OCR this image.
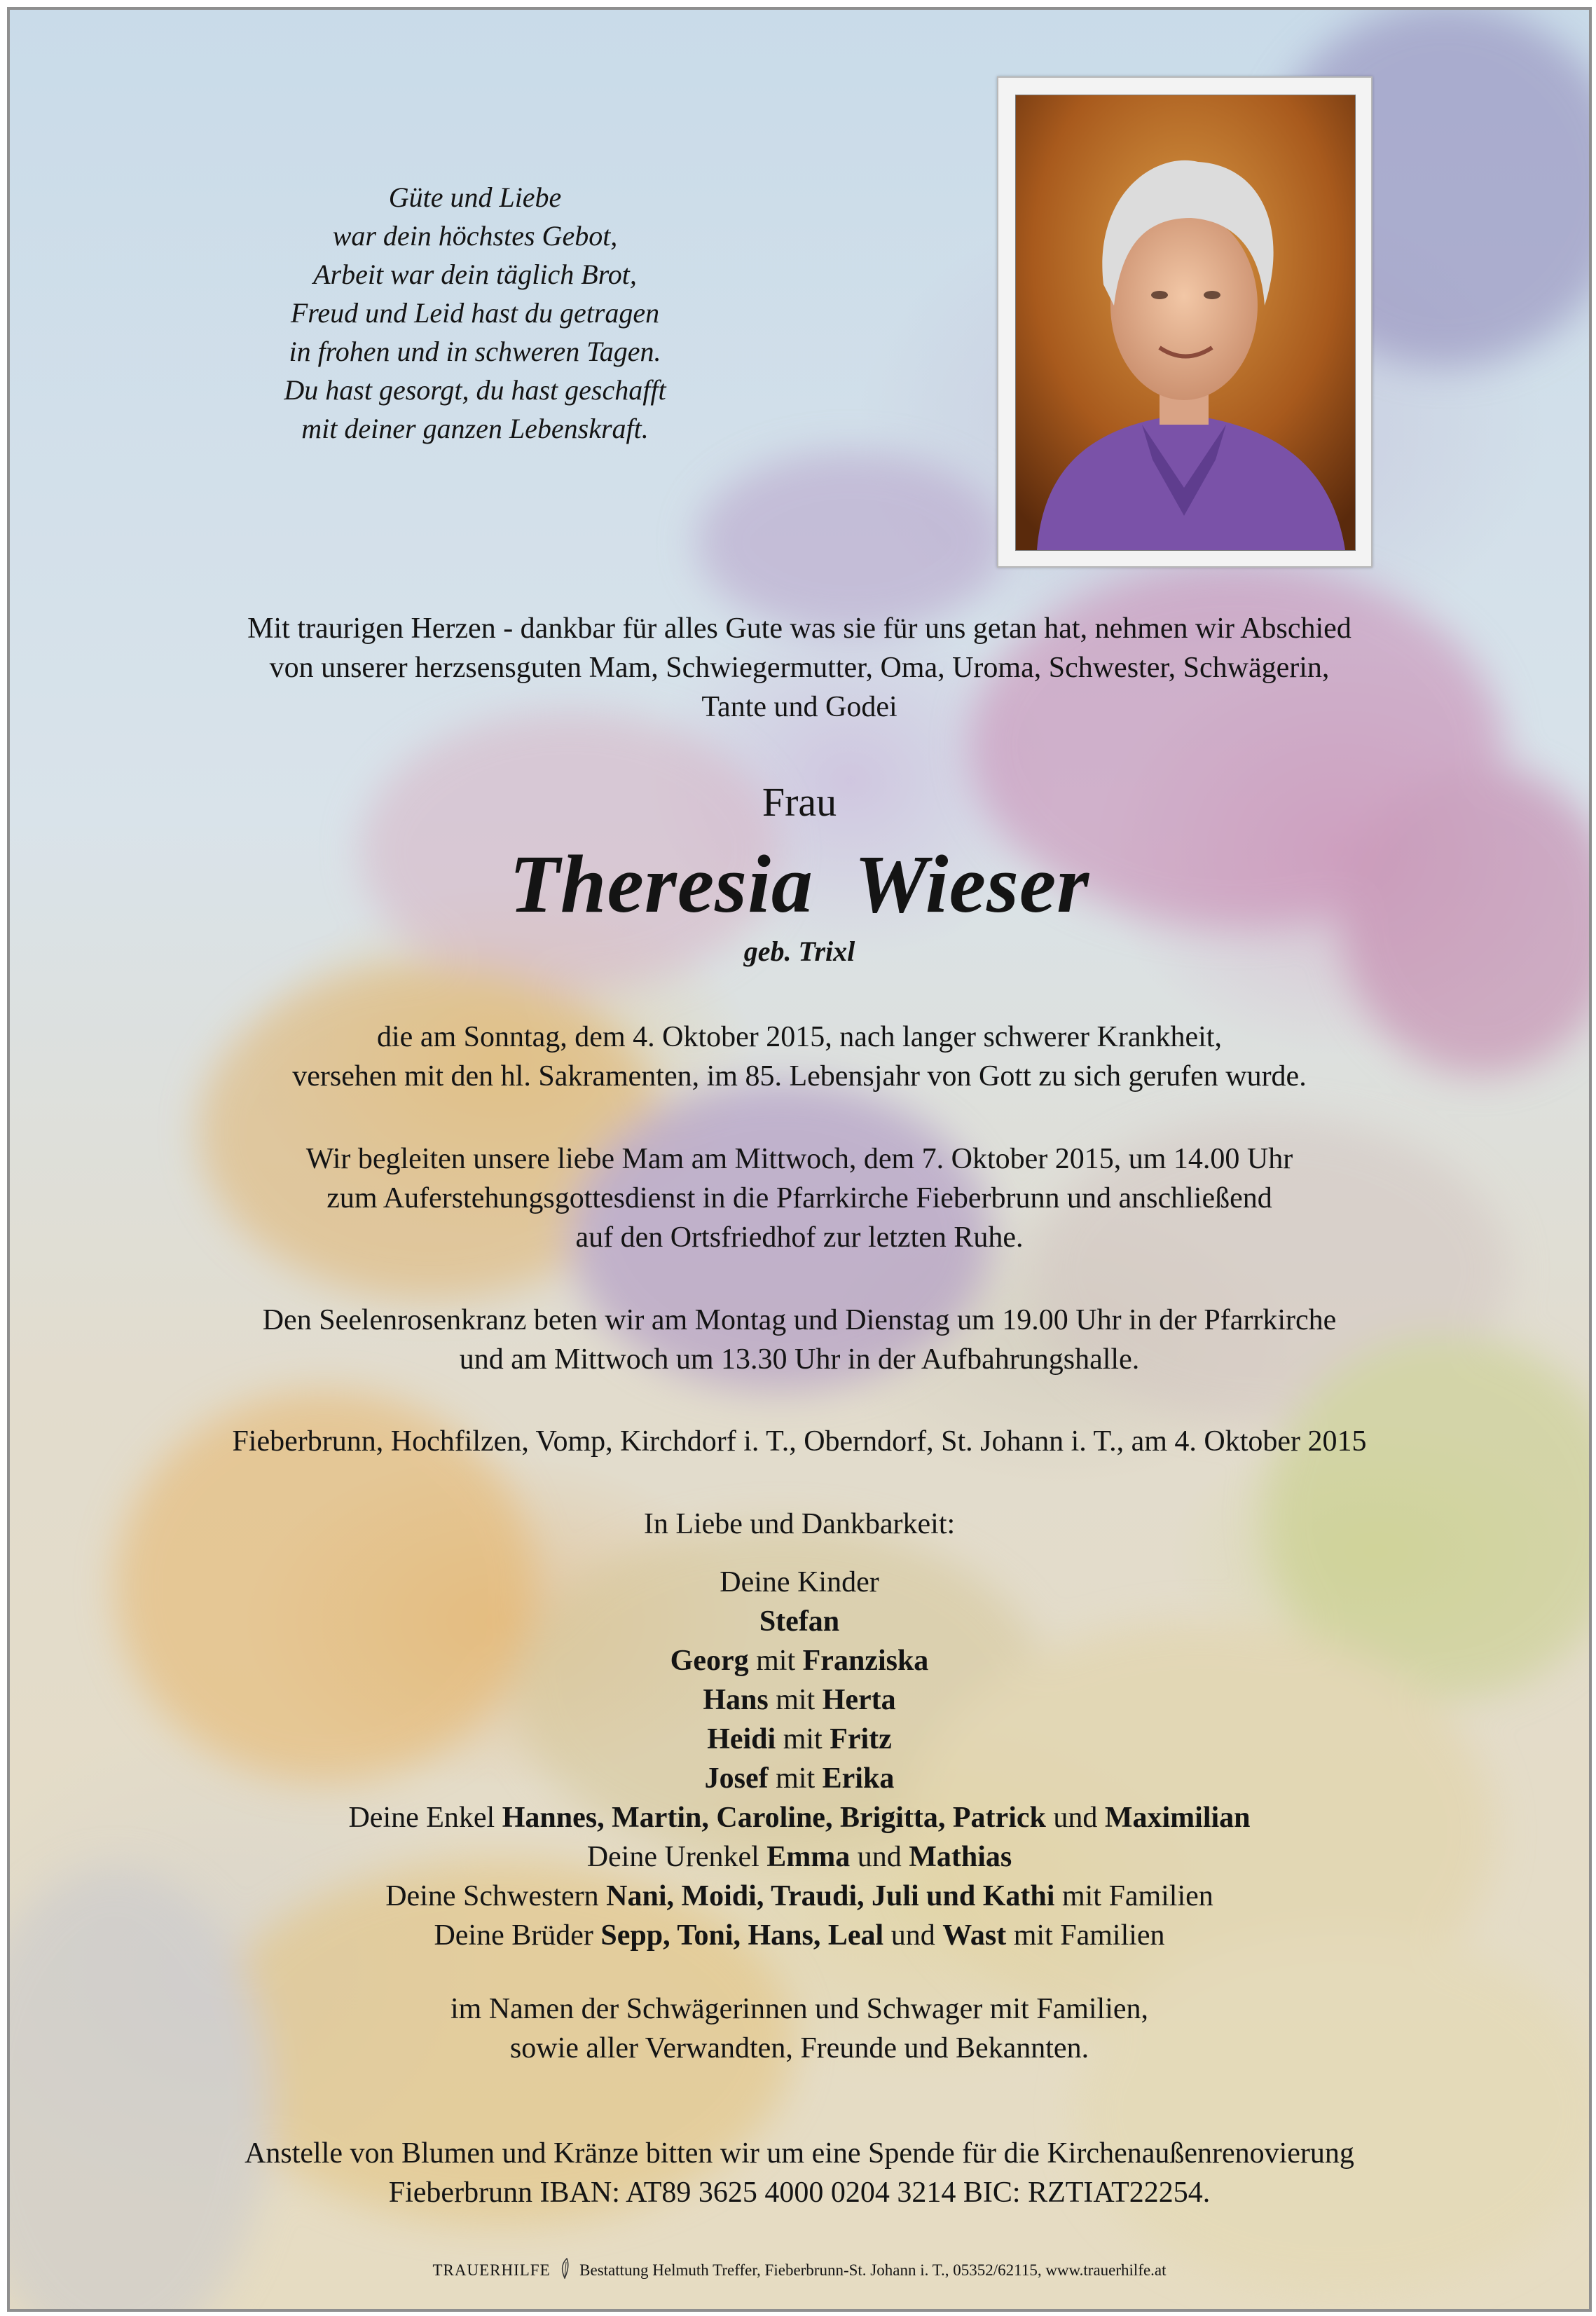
Güte und Liebe
war dein höchstes Gebot,
Arbeit war dein täglich Brot,
Freud und Leid hast du getragen
in frohen und in schweren Tagen.
Du hast gesorgt, du hast geschafft
mit deiner ganzen Lebenskraft.
Mit traurigen Herzen - dankbar für alles Gute was sie für uns getan hat, nehmen wir Abschied
von unserer herzsensguten Mam, Schwiegermutter, Oma, Uroma, Schwester, Schwägerin,
Tante und Godei
Frau
Theresia Wieser
geb. Trixl
die am Sonntag, dem 4. Oktober 2015, nach langer schwerer Krankheit,
versehen mit den hl. Sakramenten, im 85. Lebensjahr von Gott zu sich gerufen wurde.
Wir begleiten unsere liebe Mam am Mittwoch, dem 7. Oktober 2015, um 14.00 Uhr
zum Auferstehungsgottesdienst in die Pfarrkirche Fieberbrunn und anschließend
auf den Ortsfriedhof zur letzten Ruhe.
Den Seelenrosenkranz beten wir am Montag und Dienstag um 19.00 Uhr in der Pfarrkirche
und am Mittwoch um 13.30 Uhr in der Aufbahrungshalle.
Fieberbrunn, Hochfilzen, Vomp, Kirchdorf i. T., Oberndorf, St. Johann i. T., am 4. Oktober 2015
In Liebe und Dankbarkeit:
Deine Kinder
Stefan
Georg mit Franziska
Hans mit Herta
Heidi mit Fritz
Josef mit Erika
Deine Enkel Hannes, Martin, Caroline, Brigitta, Patrick und Maximilian
Deine Urenkel Emma und Mathias
Deine Schwestern Nani, Moidi, Traudi, Juli und Kathi mit Familien
Deine Brüder Sepp, Toni, Hans, Leal und Wast mit Familien
im Namen der Schwägerinnen und Schwager mit Familien,
sowie aller Verwandten, Freunde und Bekannten.
Anstelle von Blumen und Kränze bitten wir um eine Spende für die Kirchenaußenrenovierung
Fieberbrunn IBAN: AT89 3625 4000 0204 3214 BIC: RZTIAT22254.
TRAUERHILFE Bestattung Helmuth Treffer, Fieberbrunn-St. Johann i. T., 05352/62115, www.trauerhilfe.at
